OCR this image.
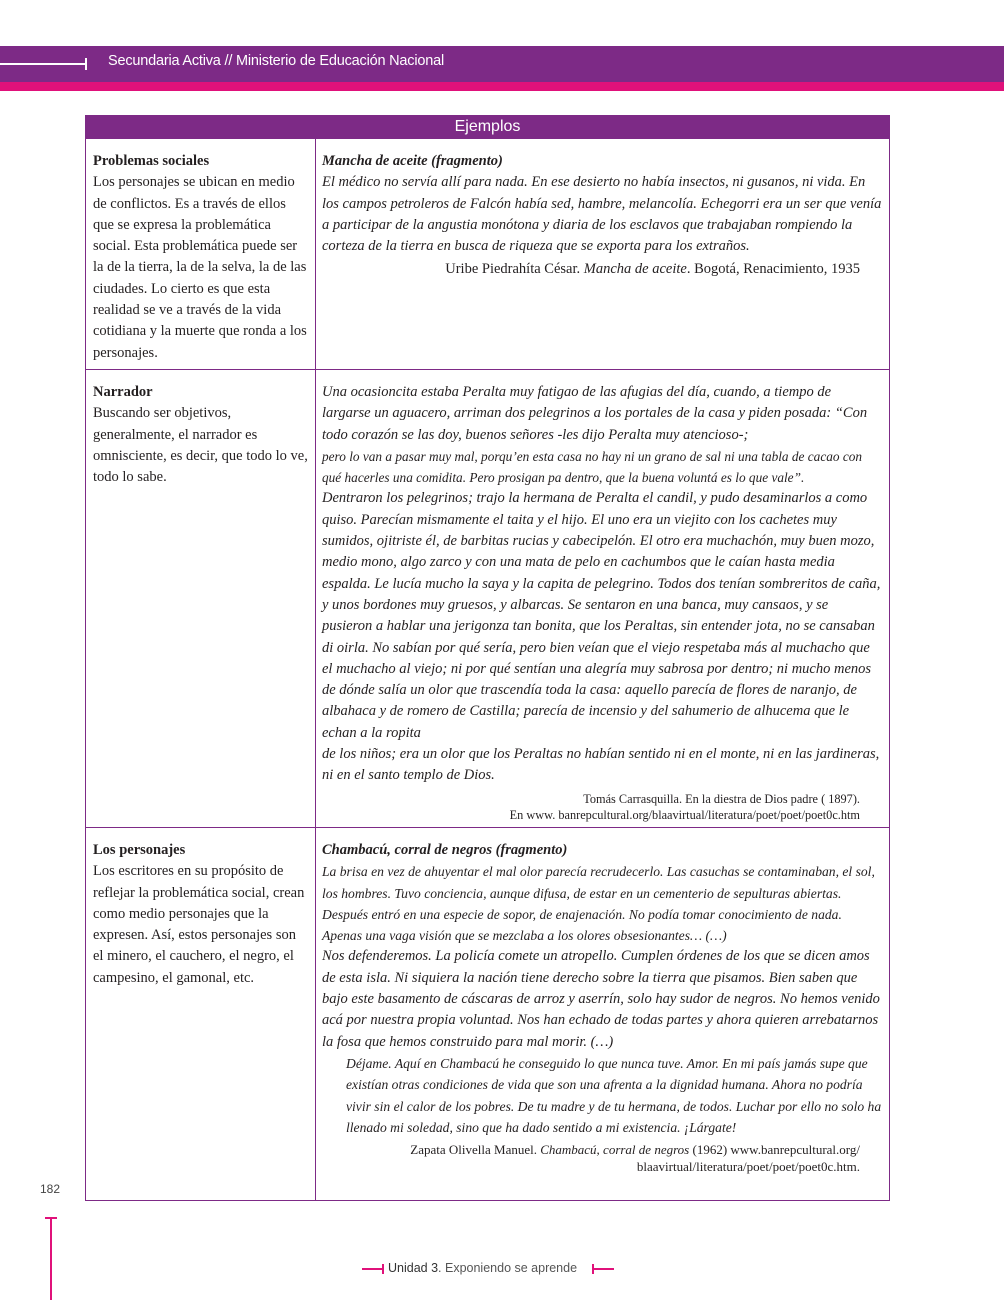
Secundaria Activa // Ministerio de Educación Nacional
Ejemplos
Problemas sociales
Los personajes se ubican en medio de conflictos. Es a través de ellos que se expresa la problemática social. Esta problemática puede ser la de la tierra, la de la selva, la de las ciudades. Lo cierto es que esta realidad se ve a través de la vida cotidiana y la muerte que ronda a los personajes.
Mancha de aceite (fragmento)
El médico no servía allí para nada. En ese desierto no había insectos, ni gusanos, ni vida. En los campos petroleros de Falcón había sed, hambre, melancolía. Echegorri era un ser que venía a participar de la angustia monótona y diaria de los esclavos que trabajaban rompiendo la corteza de la tierra en busca de riqueza que se exporta para los extraños.
Uribe Piedrahíta César. Mancha de aceite. Bogotá, Renacimiento, 1935
Narrador
Buscando ser objetivos, generalmente, el narrador es omnisciente, es decir, que todo lo ve, todo lo sabe.
Una ocasioncita estaba Peralta muy fatigao de las afugias del día, cuando, a tiempo de largarse un aguacero, arriman dos pelegrinos a los portales de la casa y piden posada: “Con todo corazón se las doy, buenos señores -les dijo Peralta muy atencioso-;
pero lo van a pasar muy mal, porqu’en esta casa no hay ni un grano de sal ni una tabla de cacao con qué hacerles una comidita. Pero prosigan pa dentro, que la buena voluntá es lo que vale”.
Dentraron los pelegrinos; trajo la hermana de Peralta el candil, y pudo desaminarlos a como quiso. Parecían mismamente el taita y el hijo. El uno era un viejito con los cachetes muy sumidos, ojitriste él, de barbitas rucias y cabecipelón. El otro era muchachón, muy buen mozo, medio mono, algo zarco y con una mata de pelo en cachumbos que le caían hasta media espalda. Le lucía mucho la saya y la capita de pelegrino. Todos dos tenían sombreritos de caña, y unos bordones muy gruesos, y albarcas. Se sentaron en una banca, muy cansaos, y se pusieron a hablar una jerigonza tan bonita, que los Peraltas, sin entender jota, no se cansaban di oirla. No sabían por qué sería, pero bien veían que el viejo respetaba más al muchacho que el muchacho al viejo; ni por qué sentían una alegría muy sabrosa por dentro; ni mucho menos de dónde salía un olor que trascendía toda la casa: aquello parecía de flores de naranjo, de albahaca y de romero de Castilla; parecía de incensio y del sahumerio de alhucema que le echan a la ropita
de los niños; era un olor que los Peraltas no habían sentido ni en el monte, ni en las jardineras, ni en el santo templo de Dios.
Tomás Carrasquilla. En la diestra de Dios padre ( 1897).
En www. banrepcultural.org/blaavirtual/literatura/poet/poet/poet0c.htm
Los personajes
Los escritores en su propósito de reflejar la problemática social, crean como medio personajes que la expresen. Así, estos personajes son el minero, el cauchero, el negro, el campesino, el gamonal, etc.
Chambacú, corral de negros (fragmento)
La brisa en vez de ahuyentar el mal olor parecía recrudecerlo. Las casuchas se contaminaban, el sol, los hombres. Tuvo conciencia, aunque difusa, de estar en un cementerio de sepulturas abiertas. Después entró en una especie de sopor, de enajenación. No podía tomar conocimiento de nada. Apenas una vaga visión que se mezclaba a los olores obsesionantes… (…)
Nos defenderemos. La policía comete un atropello. Cumplen órdenes de los que se dicen amos de esta isla. Ni siquiera la nación tiene derecho sobre la tierra que pisamos. Bien saben que bajo este basamento de cáscaras de arroz y aserrín, solo hay sudor de negros. No hemos venido acá por nuestra propia voluntad. Nos han echado de todas partes y ahora quieren arrebatarnos la fosa que hemos construido para mal morir. (…)
Déjame. Aquí en Chambacú he conseguido lo que nunca tuve. Amor. En mi país jamás supe que existían otras condiciones de vida que son una afrenta a la dignidad humana. Ahora no podría vivir sin el calor de los pobres. De tu madre y de tu hermana, de todos. Luchar por ello no solo ha llenado mi soledad, sino que ha dado sentido a mi existencia. ¡Lárgate!
Zapata Olivella Manuel. Chambacú, corral de negros (1962) www.banrepcultural.org/
blaavirtual/literatura/poet/poet/poet0c.htm.
182
Unidad 3. Exponiendo se aprende
